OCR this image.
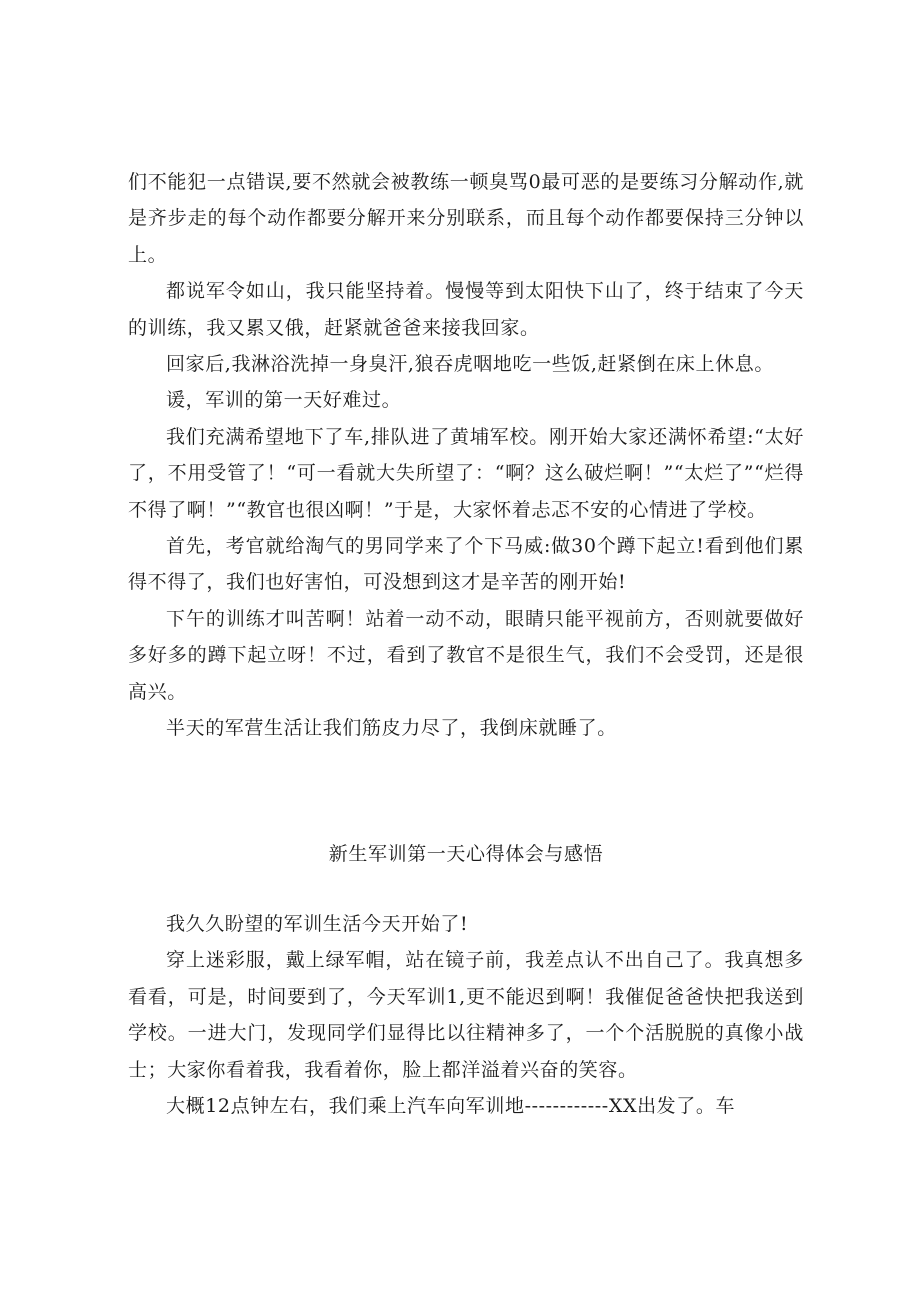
们不能犯一点错误,要不然就会被教练一顿臭骂0最可恶的是要练习分解动作,就是齐步走的每个动作都要分解开来分别联系，而且每个动作都要保持三分钟以上。

都说军令如山，我只能坚持着。慢慢等到太阳快下山了，终于结束了今天的训练，我又累又俄，赶紧就爸爸来接我回家。

回家后,我淋浴洗掉一身臭汗,狼吞虎咽地吃一些饭,赶紧倒在床上休息。

谖，军训的第一天好难过。

我们充满希望地下了车,排队进了黄埔军校。刚开始大家还满怀希望:“太好了，不用受管了！“可一看就大失所望了：“啊？这么破烂啊！”“太烂了”“烂得不得了啊！”“教官也很凶啊！”于是，大家怀着忐忑不安的心情进了学校。

首先，考官就给淘气的男同学来了个下马威:做30个蹲下起立!看到他们累得不得了，我们也好害怕，可没想到这才是辛苦的刚开始!

下午的训练才叫苦啊！站着一动不动，眼睛只能平视前方，否则就要做好多好多的蹲下起立呀！不过，看到了教官不是很生气，我们不会受罚，还是很高兴。

半天的军营生活让我们筋皮力尽了，我倒床就睡了。

新生军训第一天心得体会与感悟

我久久盼望的军训生活今天开始了!

穿上迷彩服，戴上绿军帽，站在镜子前，我差点认不出自己了。我真想多看看，可是，时间要到了，今天军训1,更不能迟到啊！我催促爸爸快把我送到学校。一进大门，发现同学们显得比以往精神多了，一个个活脱脱的真像小战士；大家你看着我，我看着你，脸上都洋溢着兴奋的笑容。

大概12点钟左右，我们乘上汽车向军训地------------XX出发了。车
